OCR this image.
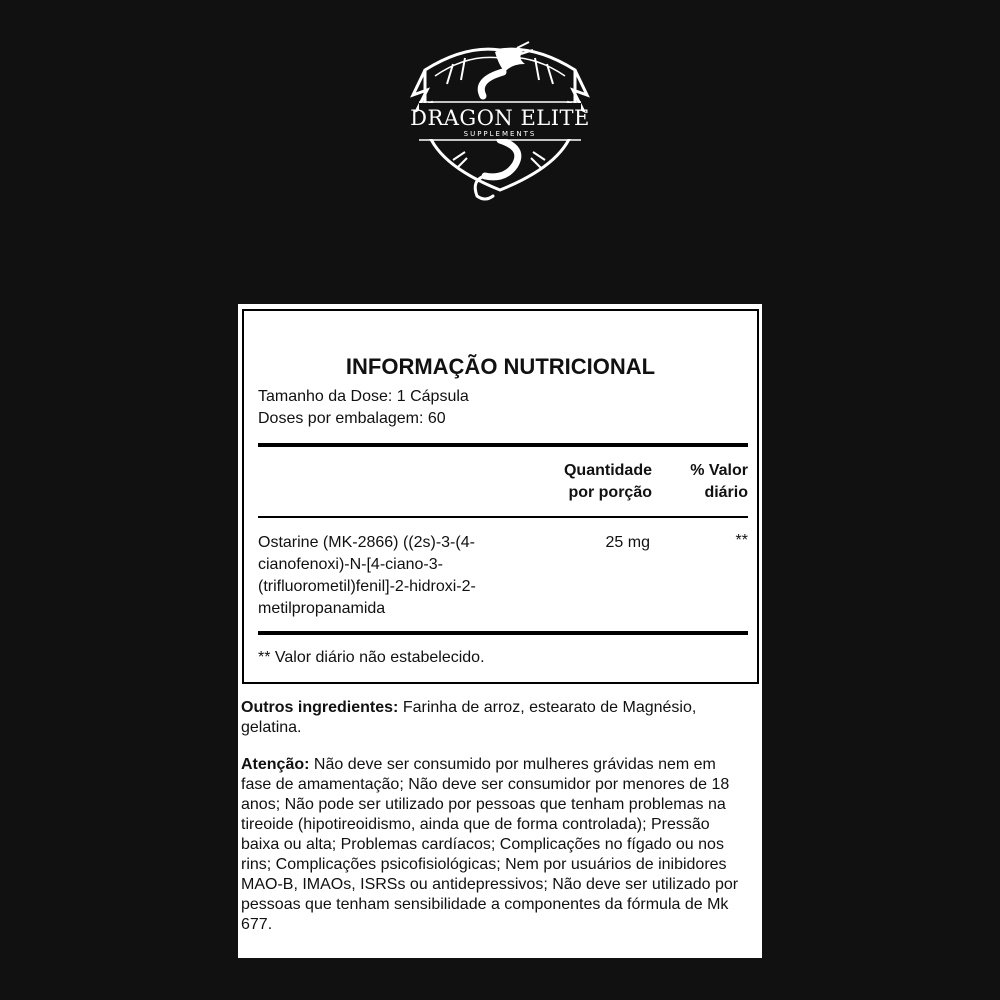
DRAGON ELITE
SUPPLEMENTS
INFORMAÇÃO NUTRICIONAL
Tamanho da Dose: 1 Cápsula
Doses por embalagem: 60
Quantidade
por porção
% Valor
diário
Ostarine (MK-2866) ((2s)-3-(4-
cianofenoxi)-N-[4-ciano-3-
(trifluorometil)fenil]-2-hidroxi-2-
metilpropanamida
25 mg	**
** Valor diário não estabelecido.
Outros ingredientes: Farinha de arroz, estearato de Magnésio, gelatina.
Atenção: Não deve ser consumido por mulheres grávidas nem em fase de amamentação; Não deve ser consumidor por menores de 18 anos; Não pode ser utilizado por pessoas que tenham problemas na tireoide (hipotireoidismo, ainda que de forma controlada); Pressão baixa ou alta; Problemas cardíacos; Complicações no fígado ou nos rins; Complicações psicofisiológicas; Nem por usuários de inibidores MAO-B, IMAOs, ISRSs ou antidepressivos; Não deve ser utilizado por pessoas que tenham sensibilidade a componentes da fórmula de Mk 677.
